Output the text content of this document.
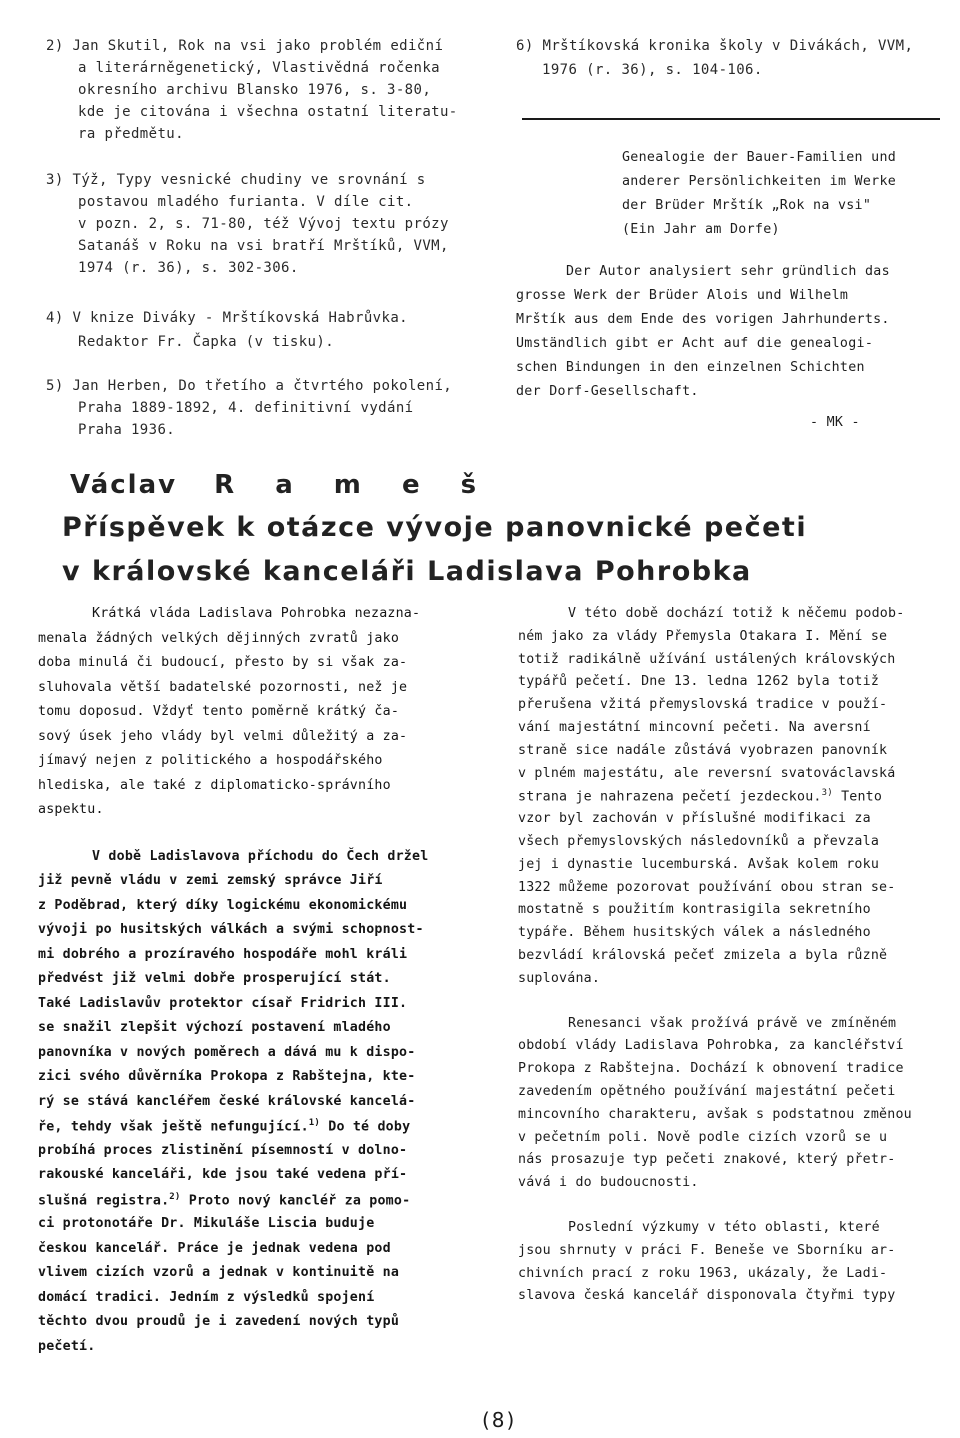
2) Jan Skutil, Rok na vsi jako problém ediční
a literárněgenetický, Vlastivědná ročenka
okresního archivu Blansko 1976, s. 3-80,
kde je citována i všechna ostatní literatu-
ra předmětu.
3) Týž, Typy vesnické chudiny ve srovnání s
postavou mladého furianta. V díle cit.
v pozn. 2, s. 71-80, též Vývoj textu prózy
Satanáš v Roku na vsi bratří Mrštíků, VVM,
1974 (r. 36), s. 302-306.
4) V knize Diváky - Mrštíkovská Habrůvka.
Redaktor Fr. Čapka (v tisku).
5) Jan Herben, Do třetího a čtvrtého pokolení,
Praha 1889-1892, 4. definitivní vydání
Praha 1936.
6) Mrštíkovská kronika školy v Divákách, VVM,
1976 (r. 36), s. 104-106.
Genealogie der Bauer-Familien und
anderer Persönlichkeiten im Werke
der Brüder Mrštík „Rok na vsi"
(Ein Jahr am Dorfe)
Der Autor analysiert sehr gründlich das
grosse Werk der Brüder Alois und Wilhelm
Mrštík aus dem Ende des vorigen Jahrhunderts.
Umständlich gibt er Acht auf die genealogi-
schen Bindungen in den einzelnen Schichten
der Dorf-Gesellschaft.
- MK -
Václav R a m e š
Příspěvek k otázce vývoje panovnické pečeti
v královské kanceláři Ladislava Pohrobka
Krátká vláda Ladislava Pohrobka nezazna-
menala žádných velkých dějinných zvratů jako
doba minulá či budoucí, přesto by si však za-
sluhovala větší badatelské pozornosti, než je
tomu doposud. Vždyť tento poměrně krátký ča-
sový úsek jeho vlády byl velmi důležitý a za-
jímavý nejen z politického a hospodářského
hlediska, ale také z diplomaticko-správního
aspektu.
V době Ladislavova příchodu do Čech držel
již pevně vládu v zemi zemský správce Jiří
z Poděbrad, který díky logickému ekonomickému
vývoji po husitských válkách a svými schopnost-
mi dobrého a prozíravého hospodáře mohl králi
předvést již velmi dobře prosperující stát.
Také Ladislavův protektor císař Fridrich III.
se snažil zlepšit výchozí postavení mladého
panovníka v nových poměrech a dává mu k dispo-
zici svého důvěrníka Prokopa z Rabštejna, kte-
rý se stává kancléřem české královské kancelá-
ře, tehdy však ještě nefungující.$^{1)}$ Do té doby
probíhá proces zlistinění písemností v dolno-
rakouské kanceláři, kde jsou také vedena pří-
slušná registra.$^{2)}$ Proto nový kancléř za pomo-
ci protonotáře Dr. Mikuláše Liscia buduje
českou kancelář. Práce je jednak vedena pod
vlivem cizích vzorů a jednak v kontinuitě na
domácí tradici. Jedním z výsledků spojení
těchto dvou proudů je i zavedení nových typů
pečetí.
V této době dochází totiž k něčemu podob-
ném jako za vlády Přemysla Otakara I. Mění se
totiž radikálně užívání ustálených královských
typářů pečetí. Dne 13. ledna 1262 byla totiž
přerušena vžitá přemyslovská tradice v použí-
vání majestátní mincovní pečeti. Na aversní
straně sice nadále zůstává vyobrazen panovník
v plném majestátu, ale reversní svatováclavská
strana je nahrazena pečetí jezdeckou.$^{3)}$ Tento
vzor byl zachován v příslušné modifikaci za
všech přemyslovských následovníků a převzala
jej i dynastie lucemburská. Avšak kolem roku
1322 můžeme pozorovat používání obou stran se-
mostatně s použitím kontrasigila sekretního
typáře. Během husitských válek a následného
bezvládí královská pečeť zmizela a byla různě
suplována.
Renesanci však prožívá právě ve zmíněném
období vlády Ladislava Pohrobka, za kancléřství
Prokopa z Rabštejna. Dochází k obnovení tradice
zavedením opětného používání majestátní pečeti
mincovního charakteru, avšak s podstatnou změnou
v pečetním poli. Nově podle cizích vzorů se u
nás prosazuje typ pečeti znakové, který přetr-
vává i do budoucnosti.
Poslední výzkumy v této oblasti, které
jsou shrnuty v práci F. Beneše ve Sborníku ar-
chivních prací z roku 1963, ukázaly, že Ladi-
slavova česká kancelář disponovala čtyřmi typy
(8)
